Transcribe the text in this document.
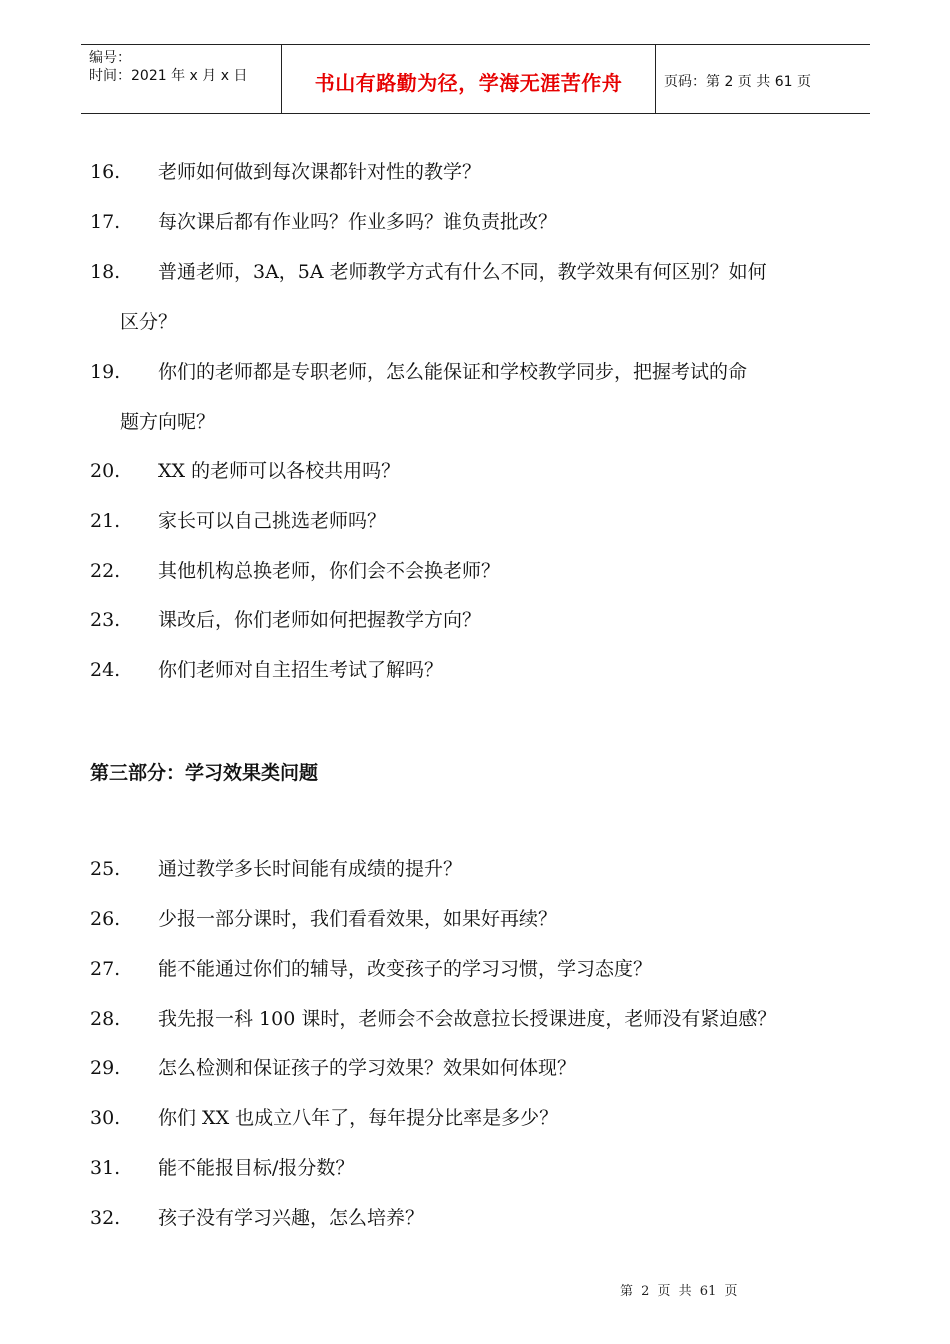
编号：
时间：2021 年 x 月 x 日	书山有路勤为径，学海无涯苦作舟	页码：第 2 页 共 61 页
16. 老师如何做到每次课都针对性的教学？
17. 每次课后都有作业吗？作业多吗？谁负责批改？
18. 普通老师，3A，5A 老师教学方式有什么不同，教学效果有何区别？如何
区分？
19. 你们的老师都是专职老师，怎么能保证和学校教学同步，把握考试的命
题方向呢？
20. XX 的老师可以各校共用吗？
21. 家长可以自己挑选老师吗？
22. 其他机构总换老师，你们会不会换老师？
23. 课改后，你们老师如何把握教学方向？
24. 你们老师对自主招生考试了解吗？
第三部分：学习效果类问题
25. 通过教学多长时间能有成绩的提升？
26. 少报一部分课时，我们看看效果，如果好再续？
27. 能不能通过你们的辅导，改变孩子的学习习惯，学习态度？
28. 我先报一科 100 课时，老师会不会故意拉长授课进度，老师没有紧迫感？
29. 怎么检测和保证孩子的学习效果？效果如何体现？
30. 你们 XX 也成立八年了，每年提分比率是多少？
31. 能不能报目标/报分数？
32. 孩子没有学习兴趣，怎么培养？
第 2 页 共 61 页
